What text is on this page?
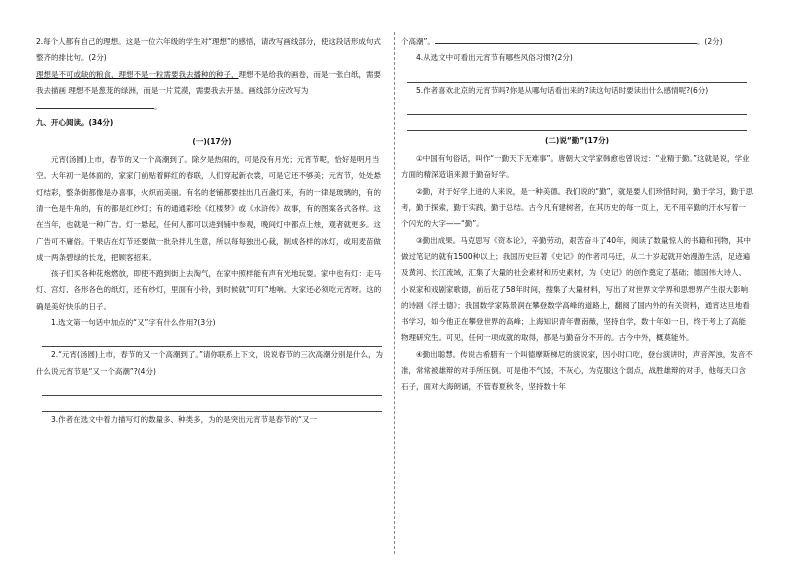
2.每个人都有自己的理想。这是一位六年级的学生对“理想”的感悟，请改写画线部分，使这段话形成句式整齐的排比句。(2分)

理想是不可或缺的粮食，理想不是一粒需要我去播种的种子，理想不是给我的画卷，而是一张白纸，需要我去描画 理想不是葱茏的绿洲，而是一片荒漠，需要我去开垦。画线部分应改写为。

九、开心阅读。(34分)

(一)(17分)

元宵(汤圆)上市，春节的又一个高潮到了。除夕是热闹的，可是没有月光；元宵节呢，恰好是明月当空。大年初一是体面的，家家门前贴着鲜红的春联，人们穿起新衣裳，可是它还不够美；元宵节，处处悬灯结彩，整条街都像是办喜事，火炽而美丽。有名的老铺都要挂出几百盏灯来，有的一律是玻璃的，有的清一色是牛角的，有的都是红纱灯；有的通通彩绘《红楼梦》或《水浒传》故事，有的图案各式各样。这在当年，也就是一种广告。灯一悬起，任何人都可以进到铺中参观，晚间灯中都点上烛，观者就更多。这广告可不庸俗。干果店在灯节还要做一批杂拌儿生意，所以每每独出心裁，制成各样的冰灯，或用麦苗做成一两条碧绿的长龙，把顾客招来。

孩子们买各种花炮燃放，即使不跑到街上去淘气，在家中照样能有声有光地玩耍。家中也有灯：走马灯、宫灯、各形各色的纸灯，还有纱灯，里面有小铃，到时候就“叮叮”地响。大家还必须吃元宵呀。这的确是美好快乐的日子。

1.选文第一句话中加点的“又”字有什么作用?(3分)

2.“元宵(汤圆)上市，春节的又一个高潮到了。”请你联系上下文，说说春节的三次高潮分别是什么，为什么说元宵节是“又一个高潮”?(4分)

3.作者在选文中着力描写灯的数量多、种类多，为的是突出元宵节是春节的“又一

个高潮”。	。(2分)

4.从选文中可看出元宵节有哪些风俗习惯?(2分)

5.作者喜欢北京的元宵节吗?你是从哪句话看出来的?读这句话时要读出什么感情呢?(6分)

(二)说“勤”(17分)

①中国有句俗话，叫作“一勤天下无难事”。唐朝大文学家韩愈也曾说过：“业精于勤。”这就是说，学业方面的精深造诣来源于勤奋好学。

②勤，对于好学上进的人来说，是一种美德。我们说的“勤”，就是要人们珍惜时间，勤于学习，勤于思考，勤于探索，勤于实践，勤于总结。古今凡有建树者，在其历史的每一页上，无不用辛勤的汗水写着一个闪光的大字——“勤”。

③勤出成果。马克思写《资本论》，辛勤劳动，艰苦奋斗了40年，阅读了数量惊人的书籍和刊物，其中做过笔记的就有1500种以上；我国历史巨著《史记》的作者司马迁，从二十岁起就开始漫游生活，足迹遍及黄河、长江流域，汇集了大量的社会素材和历史素材，为《史记》的创作奠定了基础；德国伟大诗人、小说家和戏剧家歌德，前后花了58年时间，搜集了大量材料，写出了对世界文学界和思想界产生很大影响的诗剧《浮士德》；我国数学家陈景润在攀登数学高峰的道路上，翻阅了国内外的有关资料，通宵达旦地看书学习，如今他正在攀登世界的高峰；上海知识青年曹南薇，坚持自学，数十年如一日，终于考上了高能物理研究生。可见，任何一项成就的取得，都是与勤奋分不开的。古今中外，概莫能外。

④勤出聪慧。传说古希腊有一个叫德摩斯梯尼的演说家，因小时口吃，登台演讲时，声音浑浊，发音不准，常常被雄辩的对手所压倒。可是他不气馁，不灰心，为克服这个弱点，战胜雄辩的对手，他每天口含石子，面对大海朗诵，不管春夏秋冬，坚持数十年
